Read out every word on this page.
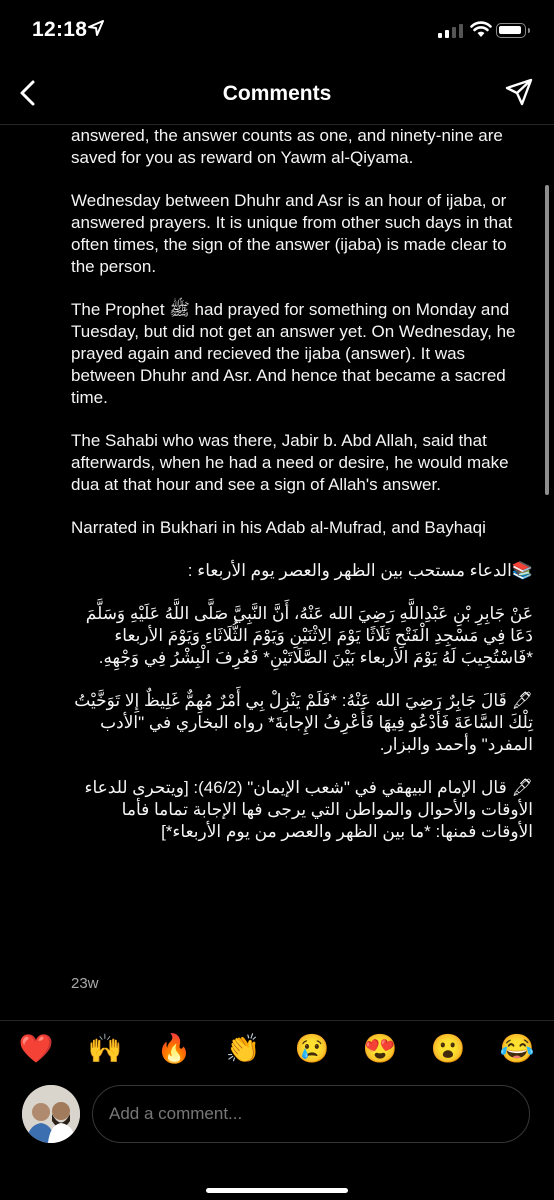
12:18
Comments

answered, the answer counts as one, and ninety-nine are saved for you as reward on Yawm al-Qiyama.

Wednesday between Dhuhr and Asr is an hour of ijaba, or answered prayers. It is unique from other such days in that often times, the sign of the answer (ijaba) is made clear to the person.

The Prophet ﷺ had prayed for something on Monday and Tuesday, but did not get an answer yet. On Wednesday, he prayed again and recieved the ijaba (answer). It was between Dhuhr and Asr. And hence that became a sacred time.

The Sahabi who was there, Jabir b. Abd Allah, said that afterwards, when he had a need or desire, he would make dua at that hour and see a sign of Allah's answer.

Narrated in Bukhari in his Adab al-Mufrad, and Bayhaqi

📚الدعاء مستحب بين الظهر والعصر يوم الأربعاء :

عَنْ جَابِرِ بْنِ عَبْدِاللَّهِ رَضِيَ الله عَنْهُ، أَنَّ النَّبِيَّ صَلَّى اللَّهُ عَلَيْهِ وَسَلَّمَ دَعَا فِي مَسْجِدِ الْفَتْحِ ثَلَاثًا يَوْمَ الِاثْنَيْنِ وَيَوْمَ الثُّلَاثَاءِ وَيَوْمَ الأربعاء *فَاسْتُجِيبَ لَهُ يَوْمَ الأربعاء بَيْنَ الصَّلَاتَيْنِ* فَعُرِفَ الْبِشْرُ فِي وَجْهِهِ.

🖋 قَالَ جَابِرٌ رَضِيَ الله عَنْهُ: *فَلَمْ يَنْزِلْ بِي أَمْرٌ مُهِمٌّ غَلِيظٌ إِلا تَوَخَّيْتُ تِلْكَ السَّاعَةَ فَأَدْعُو فِيهَا فَأَعْرِفُ الإِجابةَ* رواه البخاري في "الأدب المفرد" وأحمد والبزار.

🖋 قال الإمام البيهقي في "شعب الإيمان" (46/2): [ويتحرى للدعاء الأوقات والأحوال والمواطن التي يرجى فها الإجابة تماما فأما الأوقات فمنها: *ما بين الظهر والعصر من يوم الأربعاء*]

23w
❤️ 🙌 🔥 👏 😢 😍 😮 😂
Add a comment...
